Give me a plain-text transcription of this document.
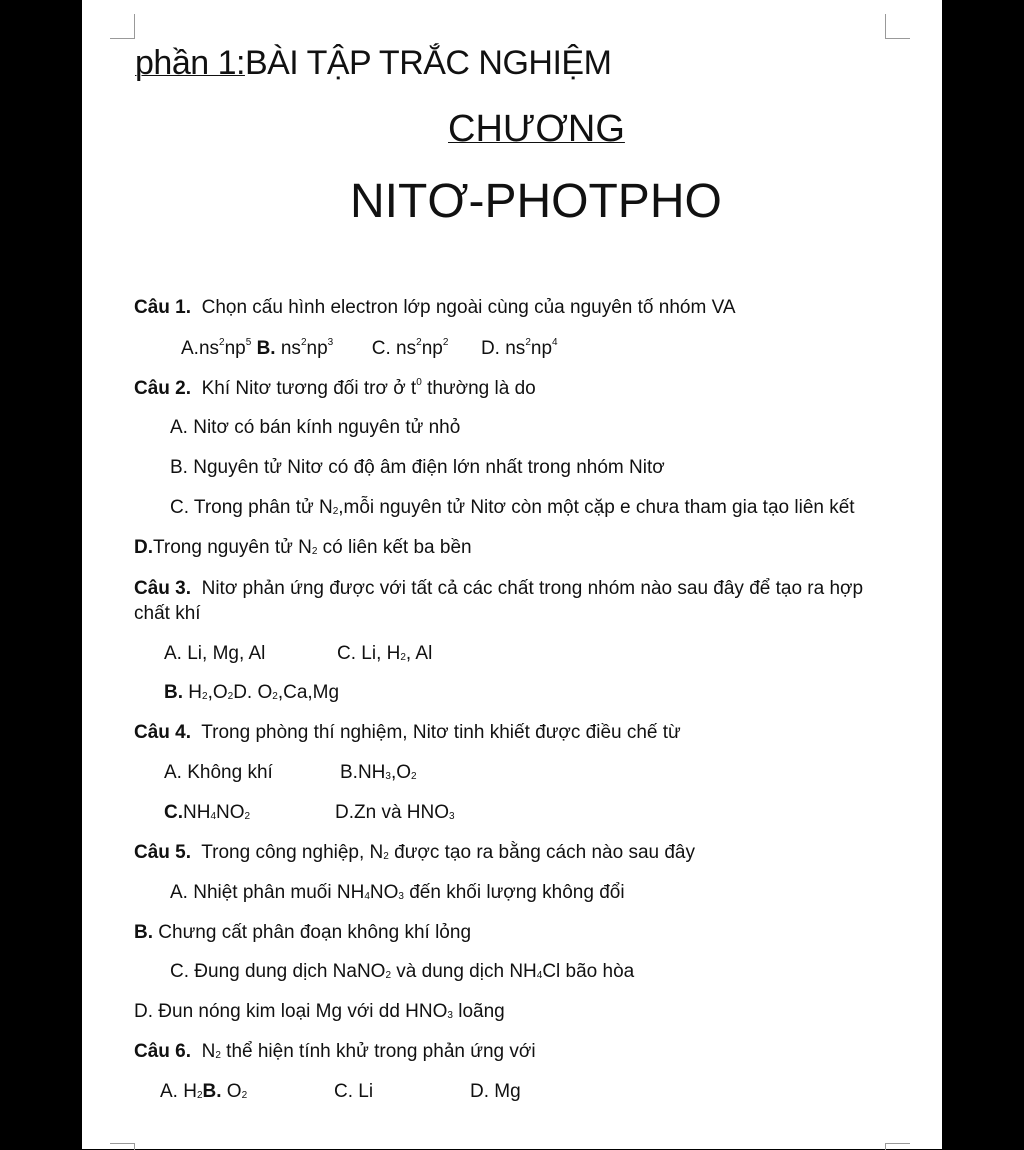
phần 1:BÀI TẬP TRẮC NGHIỆM
CHƯƠNG
NITƠ-PHOTPHO
Câu 1. Chọn cấu hình electron lớp ngoài cùng của nguyên tố nhóm VA
$A.ns^2np^5$ B. $ns^2np^3$ C. $ns^2np^2$ D. $ns^2np^4$
Câu 2. Khí Nitơ tương đối trơ ở $t^0$ thường là do
A. Nitơ có bán kính nguyên tử nhỏ
B. Nguyên tử Nitơ có độ âm điện lớn nhất trong nhóm Nitơ
C. Trong phân tử $N_2,mỗi$ nguyên tử Nitơ còn một cặp e chưa tham gia tạo liên kết
D.Trong nguyên tử $N_2$ có liên kết ba bền
Câu 3. Nitơ phản ứng được với tất cả các chất trong nhóm nào sau đây để tạo ra hợp chất khí
A. Li, Mg, Al	C. Li, $H_2$, Al
B. $H_2,O_2D$. $O_2,Ca,Mg$
Câu 4. Trong phòng thí nghiệm, Nitơ tinh khiết được điều chế từ
A. Không khí	$B.NH_3,O_2$
$C.NH_4NO_2$	D.Zn và $HNO_3$
Câu 5. Trong công nghiệp, $N_2$ được tạo ra bằng cách nào sau đây
A. Nhiệt phân muối $NH_4NO_3$ đến khối lượng không đổi
B. Chưng cất phân đoạn không khí lỏng
C. Đung dung dịch NaNO$_2$ và dung dịch $NH_4Cl$ bão hòa
D. Đun nóng kim loại Mg với dd $HNO_3$ loãng
Câu 6. $N_2$ thể hiện tính khử trong phản ứng với
A. $H_2B$. $O_2$	C. Li	D. Mg
